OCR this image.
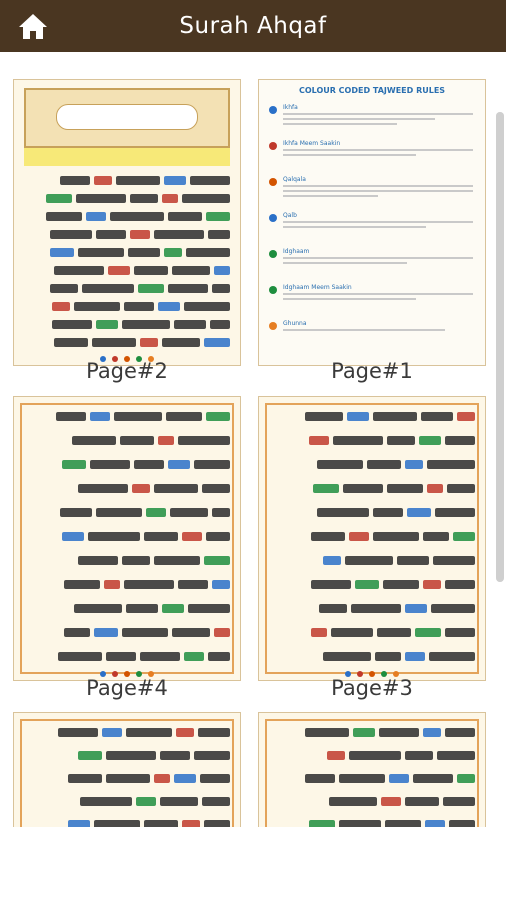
Surah Ahqaf
Page#2
COLOUR CODED TAJWEED RULES
Ikhfa
Ikhfa Meem Saakin
Qalqala
Qalb
Idghaam
Idghaam Meem Saakin
Ghunna
Page#1
Page#4	Page#3
